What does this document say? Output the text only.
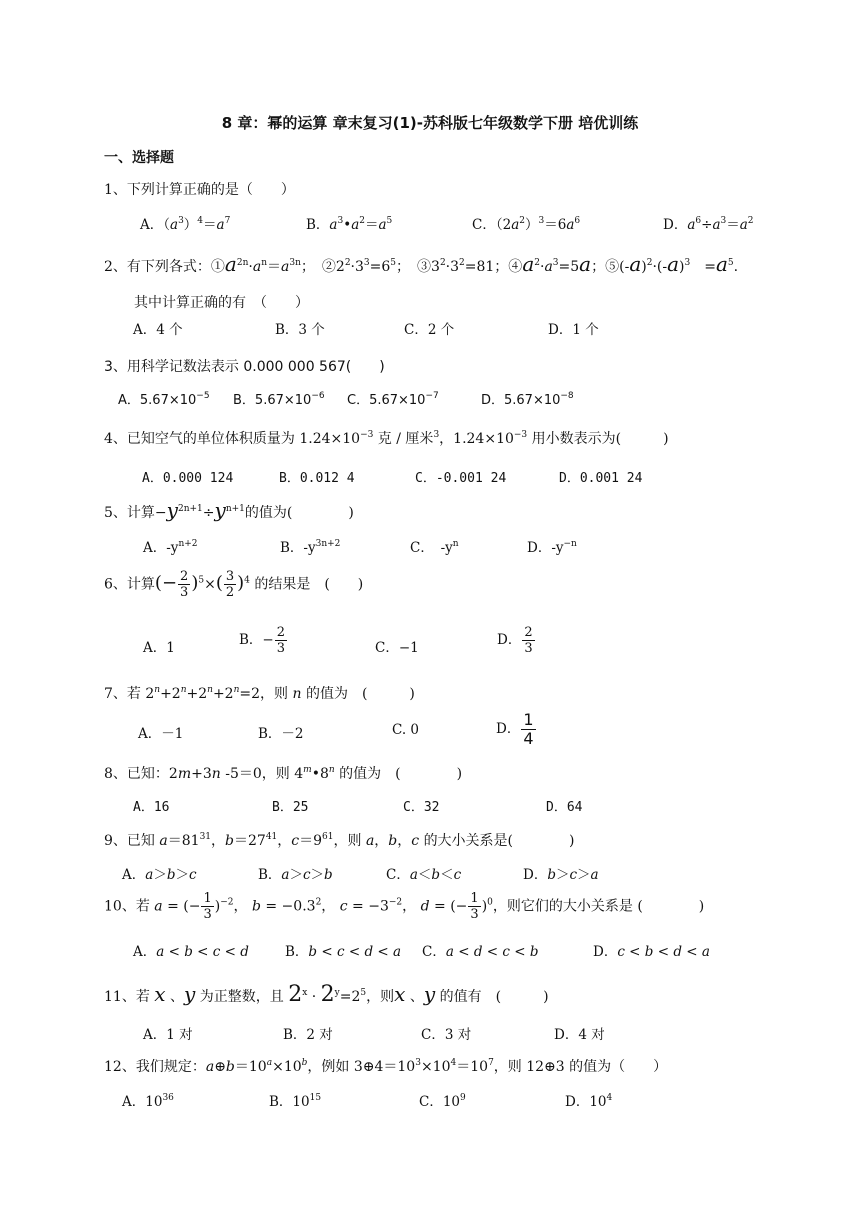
8 章：幂的运算 章末复习(1)-苏科版七年级数学下册 培优训练
一、选择题
1、下列计算正确的是（　　）
A．$(a^3)^4=a^7$	B．$a^3•a^2=a^5$	C．$(2a^2)^3=6a^6$	D．$a^6\div a^3=a^2$
2、有下列各式：$①a^{2n}\cdot a^n=a^{3n}$；　$②2^2\cdot 3^3=6^5$；　$③3^2\cdot 3^2=81$；$④a^2\cdot a^3=5a$；$⑤(-a)^2\cdot(-a)^3$　$=a^5$.
其中计算正确的有　（　　）
A．4 个	B．3 个	C．2 个	D．1 个
3、用科学记数法表示 0.000 000 567(　　)
A．$5.67\times 10^{-5}$ B．$5.67\times 10^{-6}$ C．$5.67\times 10^{-7}$	D．$5.67\times 10^{-8}$
4、已知空气的单位体积质量为 $1.24\times 10^{-3}$ 克 / 厘米$^3$，$1.24\times 10^{-3}$ 用小数表示为(　　　)
A．0.000 124	B．0.012 4	C．-0.001 24	D．0.001 24
5、计算$-y^{2n+1}\div y^{n+1}$的值为(　　　　)
A．$-y^{n+2}$	B．$-y^{3n+2}$	C．　$-y^n$	D．$-y^{-n}$
6、计算(− $\frac{2}{3} )^5\times( \frac{3}{2} )^4$ 的结果是　(　　)
A．1	B．− $\frac{2}{3}$	C．−1	D． $\frac{2}{3}$
7、若 $2^n+2^n+2^n+2^n=2$，则 n 的值为　(　　　)
A．－1	B．－2	C. 0	D． $\frac{1}{4}$
8、已知：2m+3n -5＝0，则 4$^m$•8$^n$ 的值为　(　　　　)
A．16	B．25	C．32	D．64
9、已知 $a=81^{31}$，$b=27^{41}$，$c=9^{61}$，则 a，b，c 的大小关系是(　　　　)
A．a＞b＞c	B．a＞c＞b	C．a＜b＜c	D．b＞c＞a
10、若 a = (− $\frac{1}{3} )^{-2}$， $b = -0.3^2$， $c = -3^{-2}$， d = (− $\frac{1}{3} )^0$，则它们的大小关系是 (　　　　)
A．a < b < c < d	B．b < c < d < a C．a < d < c < b	D．c < b < d < a
11、若 x 、y 为正整数，且 $2^x \cdot 2^y=2^5$，则x 、y 的值有　(　　　)
A．1 对	B．2 对	C．3 对	D．4 对
12、我们规定：$a\oplus b=10^a\times 10^b$，例如 $3\oplus 4=10^3\times 10^4=10^7$，则 12⊕3 的值为（　　）
A．$10^{36}$	B．$10^{15}$	C．$10^9$	D．$10^4$
